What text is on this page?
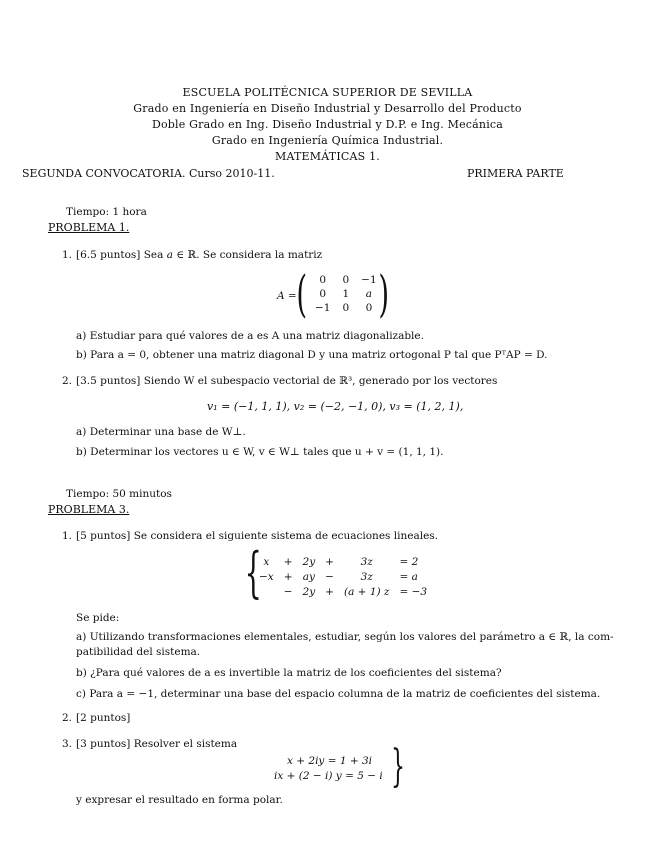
ESCUELA POLITÉCNICA SUPERIOR DE SEVILLA
Grado en Ingeniería en Diseño Industrial y Desarrollo del Producto
Doble Grado en Ing. Diseño Industrial y D.P. e Ing. Mecánica
Grado en Ingeniería Química Industrial.
MATEMÁTICAS 1.
SEGUNDA CONVOCATORIA. Curso 2010-11.	PRIMERA PARTE
Tiempo: 1 hora
PROBLEMA 1.
1. [6.5 puntos] Sea a ∈ ℝ. Se considera la matriz
A = ( 0	0	−1
0	1	a
−1	0	0 )
a) Estudiar para qué valores de a es A una matriz diagonalizable.
b) Para a = 0, obtener una matriz diagonal D y una matriz ortogonal P tal que PᵀAP = D.
2. [3.5 puntos] Siendo W el subespacio vectorial de ℝ³, generado por los vectores
v₁ = (−1, 1, 1), v₂ = (−2, −1, 0), v₃ = (1, 2, 1),
a) Determinar una base de W⊥.
b) Determinar los vectores u ∈ W, v ∈ W⊥ tales que u + v = (1, 1, 1).
Tiempo: 50 minutos
PROBLEMA 3.
1. [5 puntos] Se considera el siguiente sistema de ecuaciones lineales.
{ x	+	2y	+	3z	= 2
−x	+	ay	−	3z	= a
	−	2y	+	(a + 1) z	= −3
Se pide:
a) Utilizando transformaciones elementales, estudiar, según los valores del parámetro a ∈ ℝ, la com-
patibilidad del sistema.
b) ¿Para qué valores de a es invertible la matriz de los coeficientes del sistema?
c) Para a = −1, determinar una base del espacio columna de la matriz de coeficientes del sistema.
2. [2 puntos]
3. [3 puntos] Resolver el sistema
x + 2iy = 1 + 3i
ix + (2 − i) y = 5 − i }
y expresar el resultado en forma polar.
